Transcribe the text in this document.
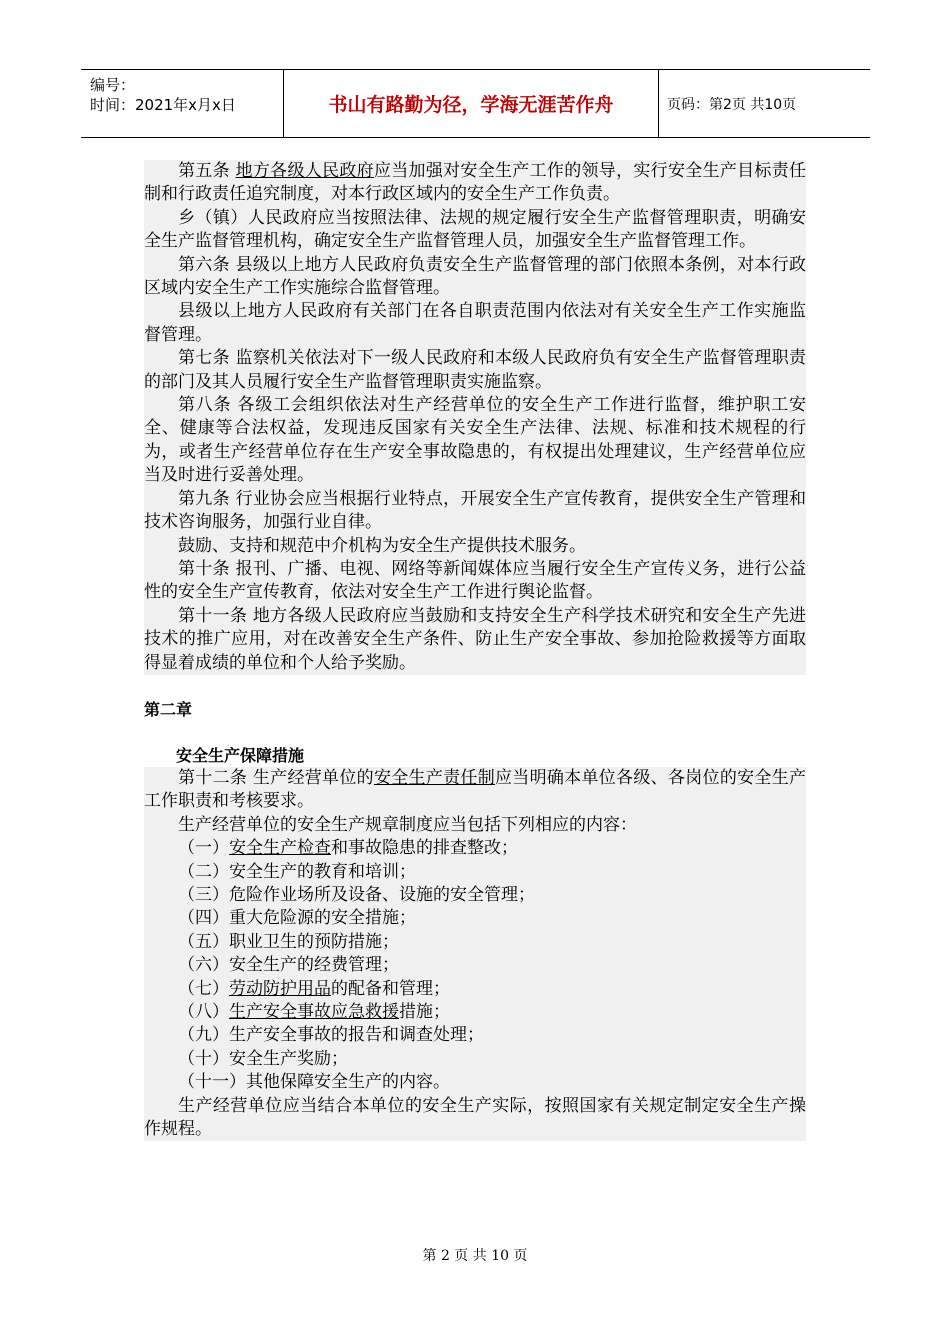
编号：
时间：2021年x月x日	书山有路勤为径，学海无涯苦作舟	页码：第2页 共10页

第五条 地方各级人民政府应当加强对安全生产工作的领导，实行安全生产目标责任制和行政责任追究制度，对本行政区域内的安全生产工作负责。

乡（镇）人民政府应当按照法律、法规的规定履行安全生产监督管理职责，明确安全生产监督管理机构，确定安全生产监督管理人员，加强安全生产监督管理工作。

第六条 县级以上地方人民政府负责安全生产监督管理的部门依照本条例，对本行政区域内安全生产工作实施综合监督管理。

县级以上地方人民政府有关部门在各自职责范围内依法对有关安全生产工作实施监督管理。

第七条 监察机关依法对下一级人民政府和本级人民政府负有安全生产监督管理职责的部门及其人员履行安全生产监督管理职责实施监察。

第八条 各级工会组织依法对生产经营单位的安全生产工作进行监督，维护职工安全、健康等合法权益，发现违反国家有关安全生产法律、法规、标准和技术规程的行为，或者生产经营单位存在生产安全事故隐患的，有权提出处理建议，生产经营单位应当及时进行妥善处理。

第九条 行业协会应当根据行业特点，开展安全生产宣传教育，提供安全生产管理和技术咨询服务，加强行业自律。

鼓励、支持和规范中介机构为安全生产提供技术服务。

第十条 报刊、广播、电视、网络等新闻媒体应当履行安全生产宣传义务，进行公益性的安全生产宣传教育，依法对安全生产工作进行舆论监督。

第十一条 地方各级人民政府应当鼓励和支持安全生产科学技术研究和安全生产先进技术的推广应用，对在改善安全生产条件、防止生产安全事故、参加抢险救援等方面取得显着成绩的单位和个人给予奖励。

第二章
安全生产保障措施

第十二条 生产经营单位的安全生产责任制应当明确本单位各级、各岗位的安全生产工作职责和考核要求。

生产经营单位的安全生产规章制度应当包括下列相应的内容：

（一）安全生产检查和事故隐患的排查整改；

（二）安全生产的教育和培训；

（三）危险作业场所及设备、设施的安全管理；

（四）重大危险源的安全措施；

（五）职业卫生的预防措施；

（六）安全生产的经费管理；

（七）劳动防护用品的配备和管理；

（八）生产安全事故应急救援措施；

（九）生产安全事故的报告和调查处理；

（十）安全生产奖励；

（十一）其他保障安全生产的内容。

生产经营单位应当结合本单位的安全生产实际，按照国家有关规定制定安全生产操作规程。

第 2 页 共 10 页
